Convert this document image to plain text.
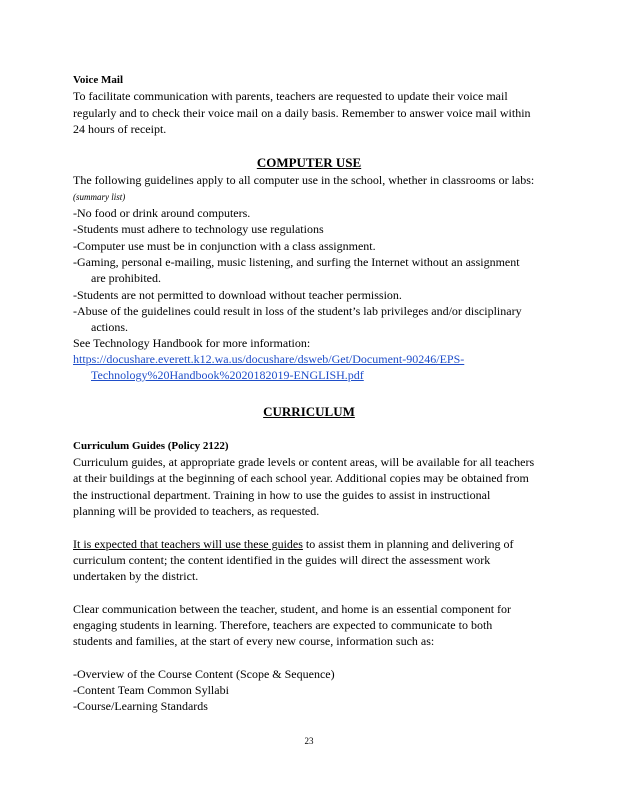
Voice Mail
To facilitate communication with parents, teachers are requested to update their voice mail
regularly and to check their voice mail on a daily basis. Remember to answer voice mail within
24 hours of receipt.
COMPUTER USE
The following guidelines apply to all computer use in the school, whether in classrooms or labs:
(summary list)
-No food or drink around computers.
-Students must adhere to technology use regulations
-Computer use must be in conjunction with a class assignment.
-Gaming, personal e-mailing, music listening, and surfing the Internet without an assignment
are prohibited.
-Students are not permitted to download without teacher permission.
-Abuse of the guidelines could result in loss of the student’s lab privileges and/or disciplinary
actions.
See Technology Handbook for more information:
https://docushare.everett.k12.wa.us/docushare/dsweb/Get/Document-90246/EPS-
Technology%20Handbook%2020182019-ENGLISH.pdf
CURRICULUM
Curriculum Guides (Policy 2122)
Curriculum guides, at appropriate grade levels or content areas, will be available for all teachers
at their buildings at the beginning of each school year. Additional copies may be obtained from
the instructional department. Training in how to use the guides to assist in instructional
planning will be provided to teachers, as requested.
It is expected that teachers will use these guides to assist them in planning and delivering of
curriculum content; the content identified in the guides will direct the assessment work
undertaken by the district.
Clear communication between the teacher, student, and home is an essential component for
engaging students in learning. Therefore, teachers are expected to communicate to both
students and families, at the start of every new course, information such as:
-Overview of the Course Content (Scope & Sequence)
-Content Team Common Syllabi
-Course/Learning Standards
23
